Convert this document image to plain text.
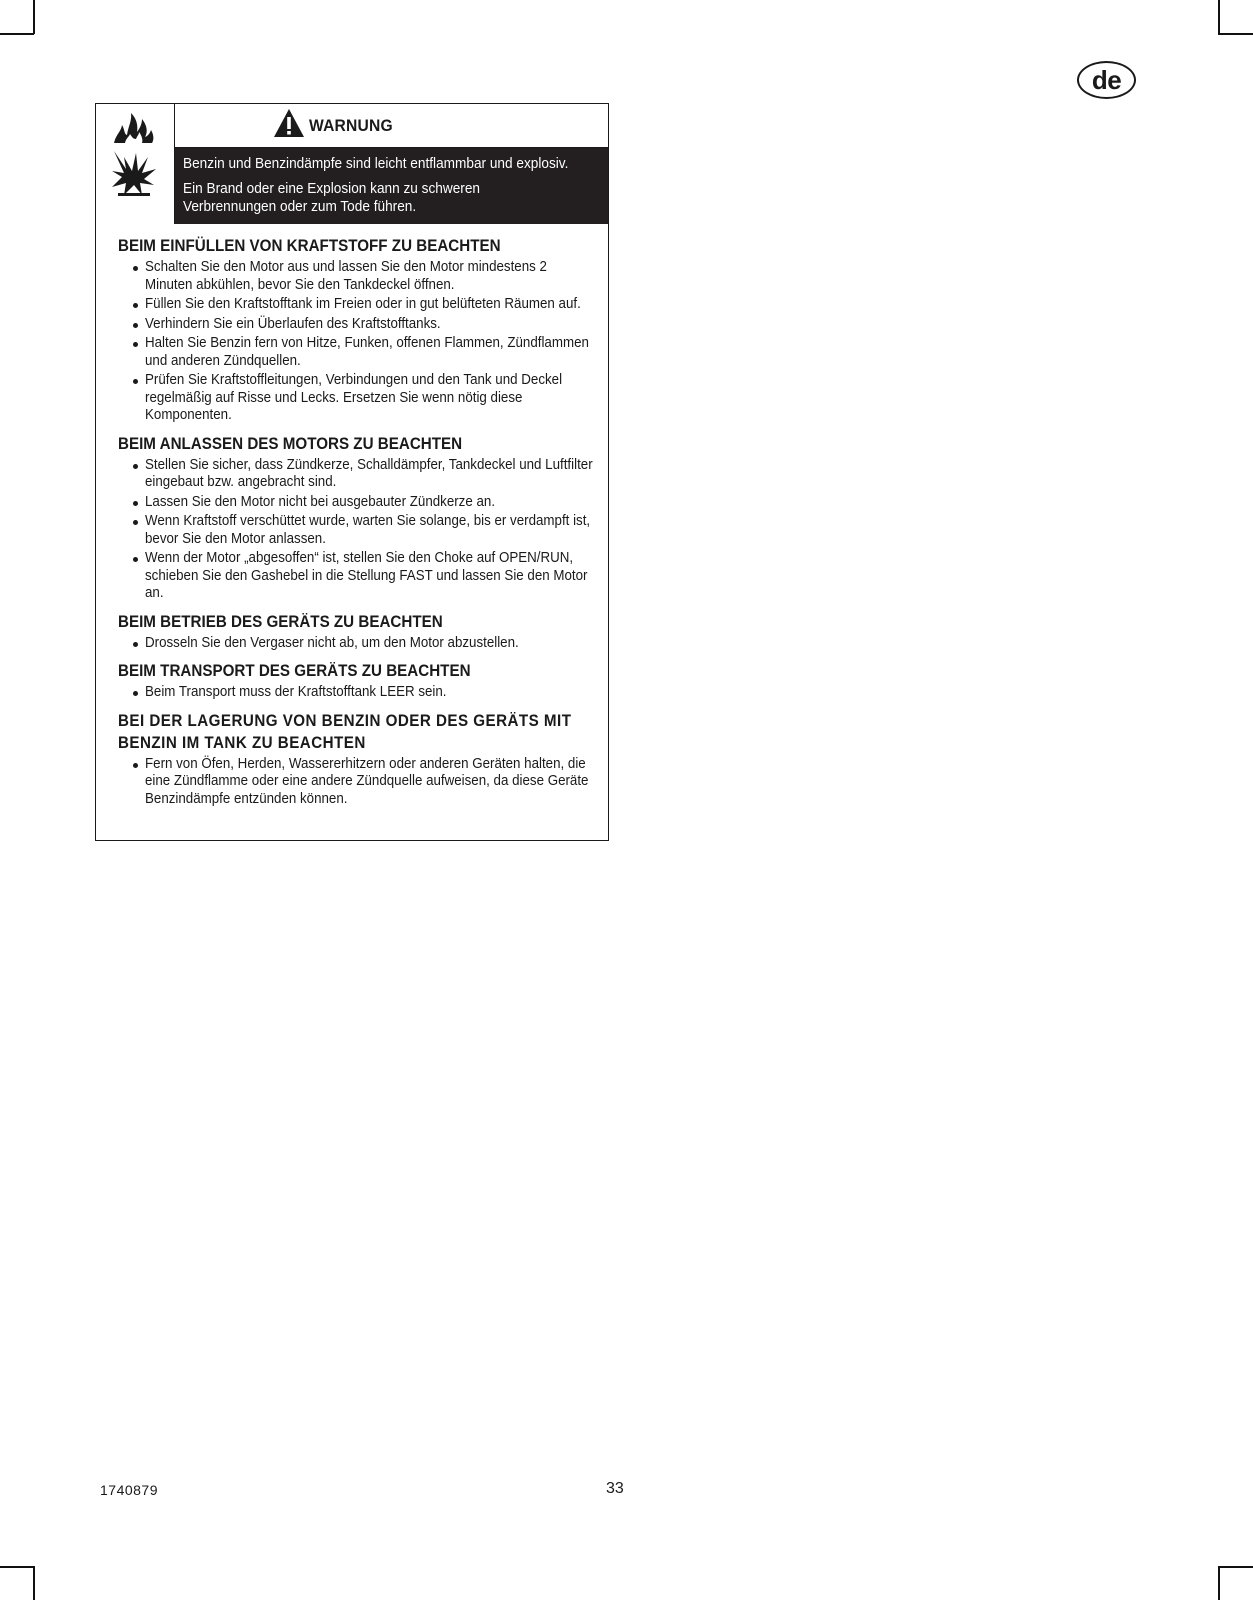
de
WARNUNG

Benzin und Benzindämpfe sind leicht entflammbar und explosiv.

Ein Brand oder eine Explosion kann zu schweren

Verbrennungen oder zum Tode führen.

BEIM EINFÜLLEN VON KRAFTSTOFF ZU BEACHTEN
Schalten Sie den Motor aus und lassen Sie den Motor mindestens 2 Minuten abkühlen, bevor Sie den Tankdeckel öffnen.
Füllen Sie den Kraftstofftank im Freien oder in gut belüfteten Räumen auf.
Verhindern Sie ein Überlaufen des Kraftstofftanks.
Halten Sie Benzin fern von Hitze, Funken, offenen Flammen, Zündflammen und anderen Zündquellen.
Prüfen Sie Kraftstoffleitungen, Verbindungen und den Tank und Deckel regelmäßig auf Risse und Lecks. Ersetzen Sie wenn nötig diese Komponenten.
BEIM ANLASSEN DES MOTORS ZU BEACHTEN
Stellen Sie sicher, dass Zündkerze, Schalldämpfer, Tankdeckel und Luftfilter eingebaut bzw. angebracht sind.
Lassen Sie den Motor nicht bei ausgebauter Zündkerze an.
Wenn Kraftstoff verschüttet wurde, warten Sie solange, bis er verdampft ist, bevor Sie den Motor anlassen.
Wenn der Motor „abgesoffen“ ist, stellen Sie den Choke auf OPEN/RUN, schieben Sie den Gashebel in die Stellung FAST und lassen Sie den Motor an.
BEIM BETRIEB DES GERÄTS ZU BEACHTEN
Drosseln Sie den Vergaser nicht ab, um den Motor abzustellen.
BEIM TRANSPORT DES GERÄTS ZU BEACHTEN
Beim Transport muss der Kraftstofftank LEER sein.
BEI DER LAGERUNG VON BENZIN ODER DES GERÄTS MIT BENZIN IM TANK ZU BEACHTEN
Fern von Öfen, Herden, Wassererhitzern oder anderen Geräten halten, die eine Zündflamme oder eine andere Zündquelle aufweisen, da diese Geräte Benzindämpfe entzünden können.
1740879	33
